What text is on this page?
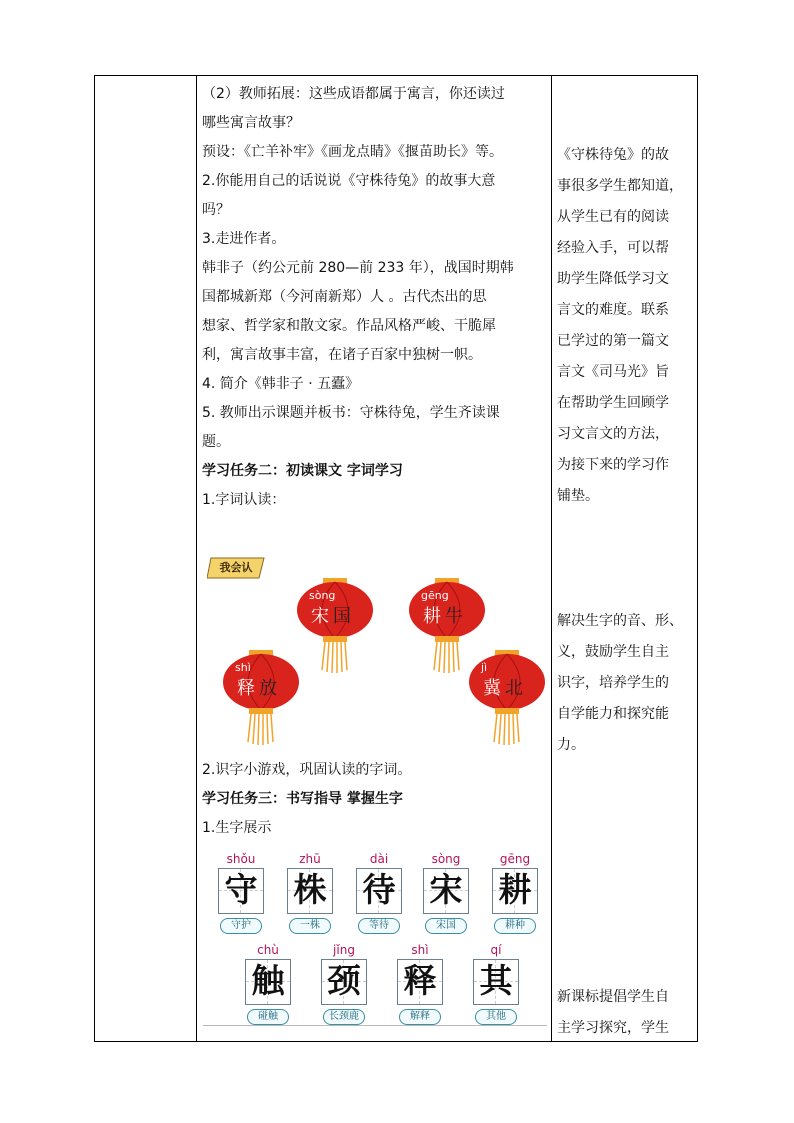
（2）教师拓展：这些成语都属于寓言，你还读过

哪些寓言故事？

预设：《亡羊补牢》《画龙点睛》《揠苗助长》等。

2.你能用自己的话说说《守株待兔》的故事大意

吗？

3.走进作者。

韩非子（约公元前 280—前 233 年），战国时期韩

国都城新郑（今河南新郑）人 。古代杰出的思

想家、哲学家和散文家。作品风格严峻、干脆犀

利，寓言故事丰富，在诸子百家中独树一帜。

4. 简介《韩非子 · 五蠹》

5. 教师出示课题并板书：守株待兔，学生齐读课

题。

学习任务二：初读课文 字词学习

1.字词认读：

我会认
sòng
宋 国
gēng
耕 牛
shì
释 放
jì
冀 北

2.识字小游戏，巩固认读的字词。

学习任务三：书写指导 掌握生字

1.生字展示

shǒu
守
守护
zhū
株
一株
dài
待
等待
sòng
宋
宋国
gēng
耕
耕种
chù
触
碰触
jǐng
颈
长颈鹿
shì
释
解释
qí
其
其他

《守株待兔》的故

事很多学生都知道，

从学生已有的阅读

经验入手，可以帮

助学生降低学习文

言文的难度。联系

已学过的第一篇文

言文《司马光》旨

在帮助学生回顾学

习文言文的方法，

为接下来的学习作

铺垫。

解决生字的音、形、

义，鼓励学生自主

识字，培养学生的

自学能力和探究能

力。

新课标提倡学生自

主学习探究，学生
